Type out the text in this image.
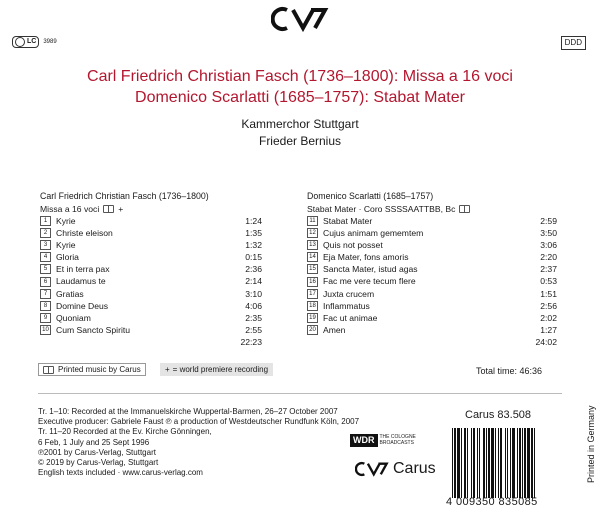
LC 3989	DDD
Carl Friedrich Christian Fasch (1736–1800): Missa a 16 voci
Domenico Scarlatti (1685–1757): Stabat Mater
Kammerchor Stuttgart
Frieder Bernius
Carl Friedrich Christian Fasch (1736–1800)
Missa a 16 voci +
1	Kyrie	1:24
2	Christe eleison	1:35
3	Kyrie	1:32
4	Gloria	0:15
5	Et in terra pax	2:36
6	Laudamus te	2:14
7	Gratias	3:10
8	Domine Deus	4:06
9	Quoniam	2:35
10 Cum Sancto Spiritu	2:55
22:23
Domenico Scarlatti (1685–1757)
Stabat Mater · Coro SSSSAATTBB, Bc
11 Stabat Mater	2:59
12 Cujus animam gememtem	3:50
13 Quis not posset	3:06
14 Eja Mater, fons amoris	2:20
15 Sancta Mater, istud agas	2:37
16 Fac me vere tecum flere	0:53
17 Juxta crucem	1:51
18 Inflammatus	2:56
19 Fac ut animae	2:02
20 Amen	1:27
24:02
Printed music by Carus	+ = world premiere recording	Total time: 46:36
Tr. 1–10: Recorded at the Immanuelskirche Wuppertal-Barmen, 26–27 October 2007
Executive producer: Gabriele Faust ℗ a production of Westdeutscher Rundfunk Köln, 2007
Tr. 11–20 Recorded at the Ev. Kirche Gönningen,
6 Feb, 1 July and 25 Sept 1996
℗2001 by Carus-Verlag, Stuttgart
© 2019 by Carus-Verlag, Stuttgart
English texts included · www.carus-verlag.com
WDR	THE COLOGNE
BROADCASTS
Carus
Carus 83.508
4 009350 835085
Printed in Germany
